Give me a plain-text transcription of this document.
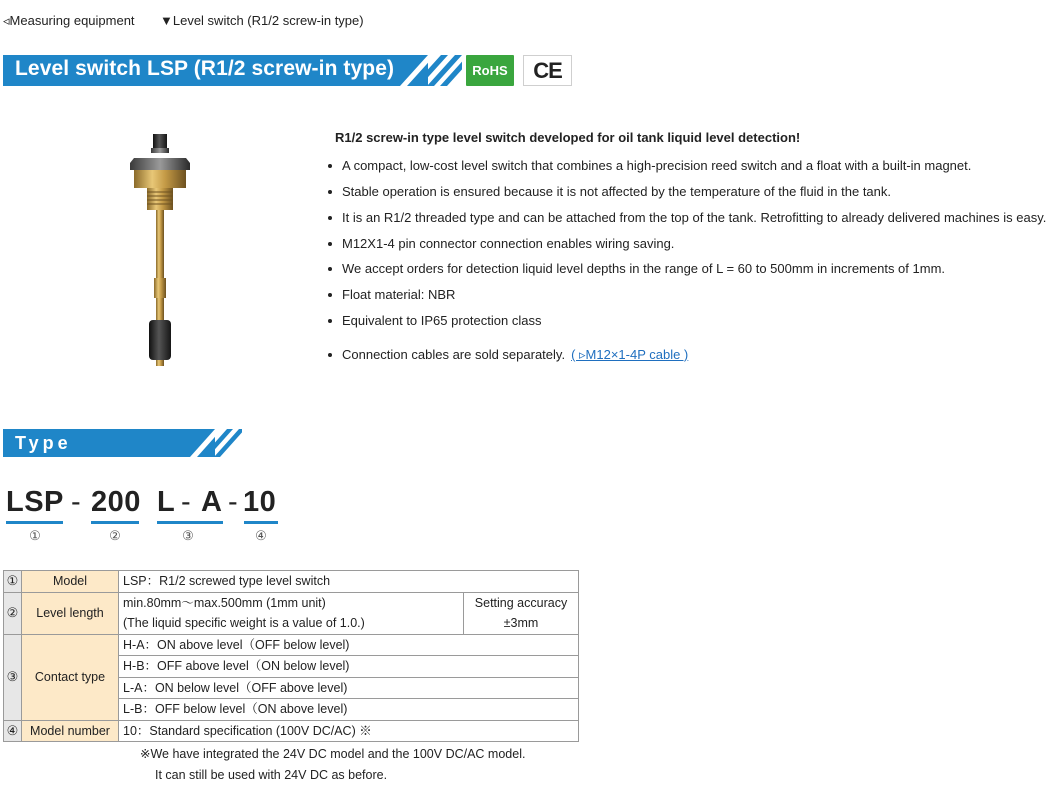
◃Measuring equipment ▼Level switch (R1/2 screw-in type)
Level switch LSP (R1/2 screw-in type)	RoHS	CE
R1/2 screw-in type level switch developed for oil tank liquid level detection!
A compact, low-cost level switch that combines a high-precision reed switch and a float with a built-in magnet.
Stable operation is ensured because it is not affected by the temperature of the fluid in the tank.
It is an R1/2 threaded type and can be attached from the top of the tank. Retrofitting to already delivered machines is easy.
M12X1-4 pin connector connection enables wiring saving.
We accept orders for detection liquid level depths in the range of L = 60 to 500mm in increments of 1mm.
Float material: NBR
Equivalent to IP65 protection class
Connection cables are sold separately. ( ▹M12×1-4P cable )
Type
LSP - 200 L - A - 10
①	②	③	④
①	Model	LSP：R1/2 screwed type level switch	
②	Level length	min.80mm～max.500mm (1mm unit)	Setting accuracy
		(The liquid specific weight is a value of 1.0.)	±3mm
③	Contact type	H-A：ON above level（OFF below level)	
		H-B：OFF above level（ON below level)	
		L-A：ON below level（OFF above level)	
		L-B：OFF below level（ON above level)	
④	Model number	10：Standard specification (100V DC/AC) ※	
※We have integrated the 24V DC model and the 100V DC/AC model.
It can still be used with 24V DC as before.
